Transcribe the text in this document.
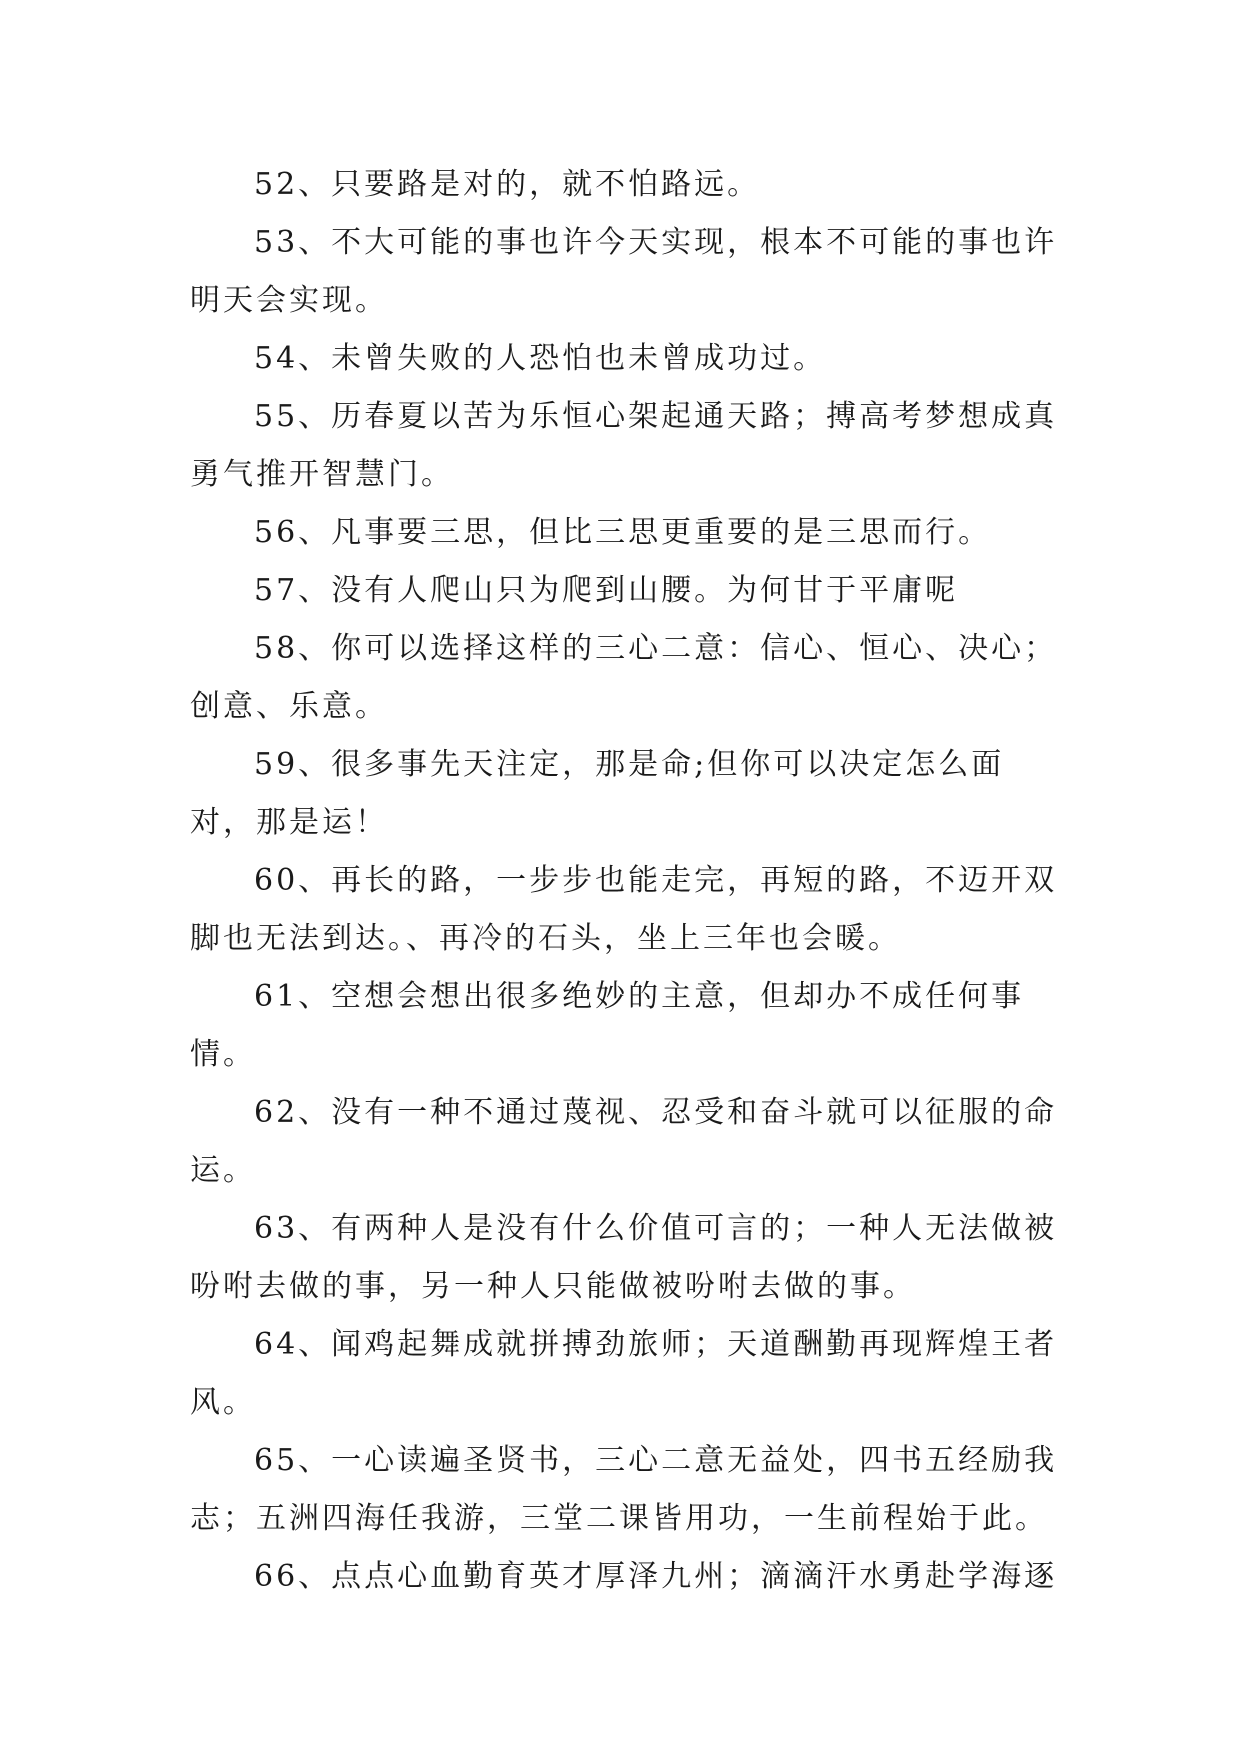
52、只要路是对的，就不怕路远。

53、不大可能的事也许今天实现，根本不可能的事也许明天会实现。

54、未曾失败的人恐怕也未曾成功过。

55、历春夏以苦为乐恒心架起通天路；搏高考梦想成真勇气推开智慧门。

56、凡事要三思，但比三思更重要的是三思而行。

57、没有人爬山只为爬到山腰。为何甘于平庸呢

58、你可以选择这样的三心二意：信心、恒心、决心；创意、乐意。

59、很多事先天注定，那是命;但你可以决定怎么面对，那是运！

60、再长的路，一步步也能走完，再短的路，不迈开双脚也无法到达。、再冷的石头，坐上三年也会暖。

61、空想会想出很多绝妙的主意，但却办不成任何事情。

62、没有一种不通过蔑视、忍受和奋斗就可以征服的命运。

63、有两种人是没有什么价值可言的；一种人无法做被吩咐去做的事，另一种人只能做被吩咐去做的事。

64、闻鸡起舞成就拼搏劲旅师；天道酬勤再现辉煌王者风。

65、一心读遍圣贤书，三心二意无益处，四书五经励我志；五洲四海任我游，三堂二课皆用功，一生前程始于此。

66、点点心血勤育英才厚泽九州；滴滴汗水勇赴学海逐
